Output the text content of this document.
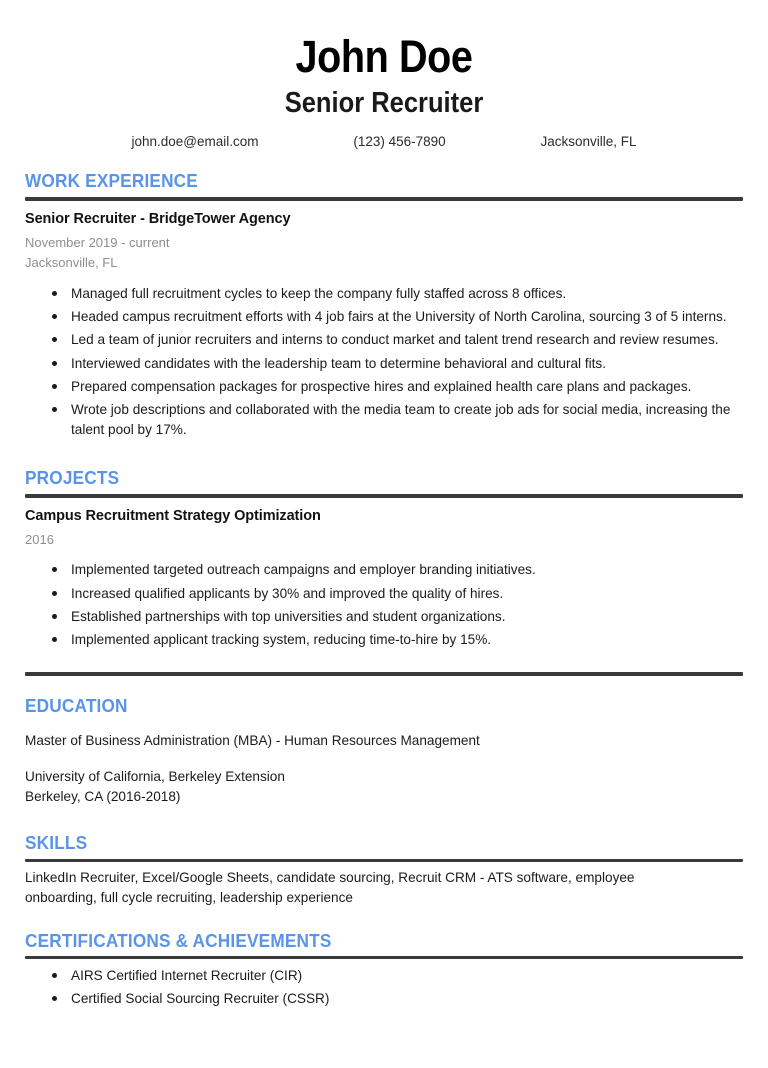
John Doe
Senior Recruiter
john.doe@email.com	(123) 456-7890	Jacksonville, FL
WORK EXPERIENCE
Senior Recruiter - BridgeTower Agency
November 2019 - current
Jacksonville, FL
Managed full recruitment cycles to keep the company fully staffed across 8 offices.
Headed campus recruitment efforts with 4 job fairs at the University of North Carolina, sourcing 3 of 5 interns.
Led a team of junior recruiters and interns to conduct market and talent trend research and review resumes.
Interviewed candidates with the leadership team to determine behavioral and cultural fits.
Prepared compensation packages for prospective hires and explained health care plans and packages.
Wrote job descriptions and collaborated with the media team to create job ads for social media, increasing the talent pool by 17%.
PROJECTS
Campus Recruitment Strategy Optimization
2016
Implemented targeted outreach campaigns and employer branding initiatives.
Increased qualified applicants by 30% and improved the quality of hires.
Established partnerships with top universities and student organizations.
Implemented applicant tracking system, reducing time-to-hire by 15%.
EDUCATION
Master of Business Administration (MBA) - Human Resources Management
University of California, Berkeley Extension
Berkeley, CA (2016-2018)
SKILLS
LinkedIn Recruiter, Excel/Google Sheets, candidate sourcing, Recruit CRM - ATS software, employee onboarding, full cycle recruiting, leadership experience
CERTIFICATIONS & ACHIEVEMENTS
AIRS Certified Internet Recruiter (CIR)
Certified Social Sourcing Recruiter (CSSR)
